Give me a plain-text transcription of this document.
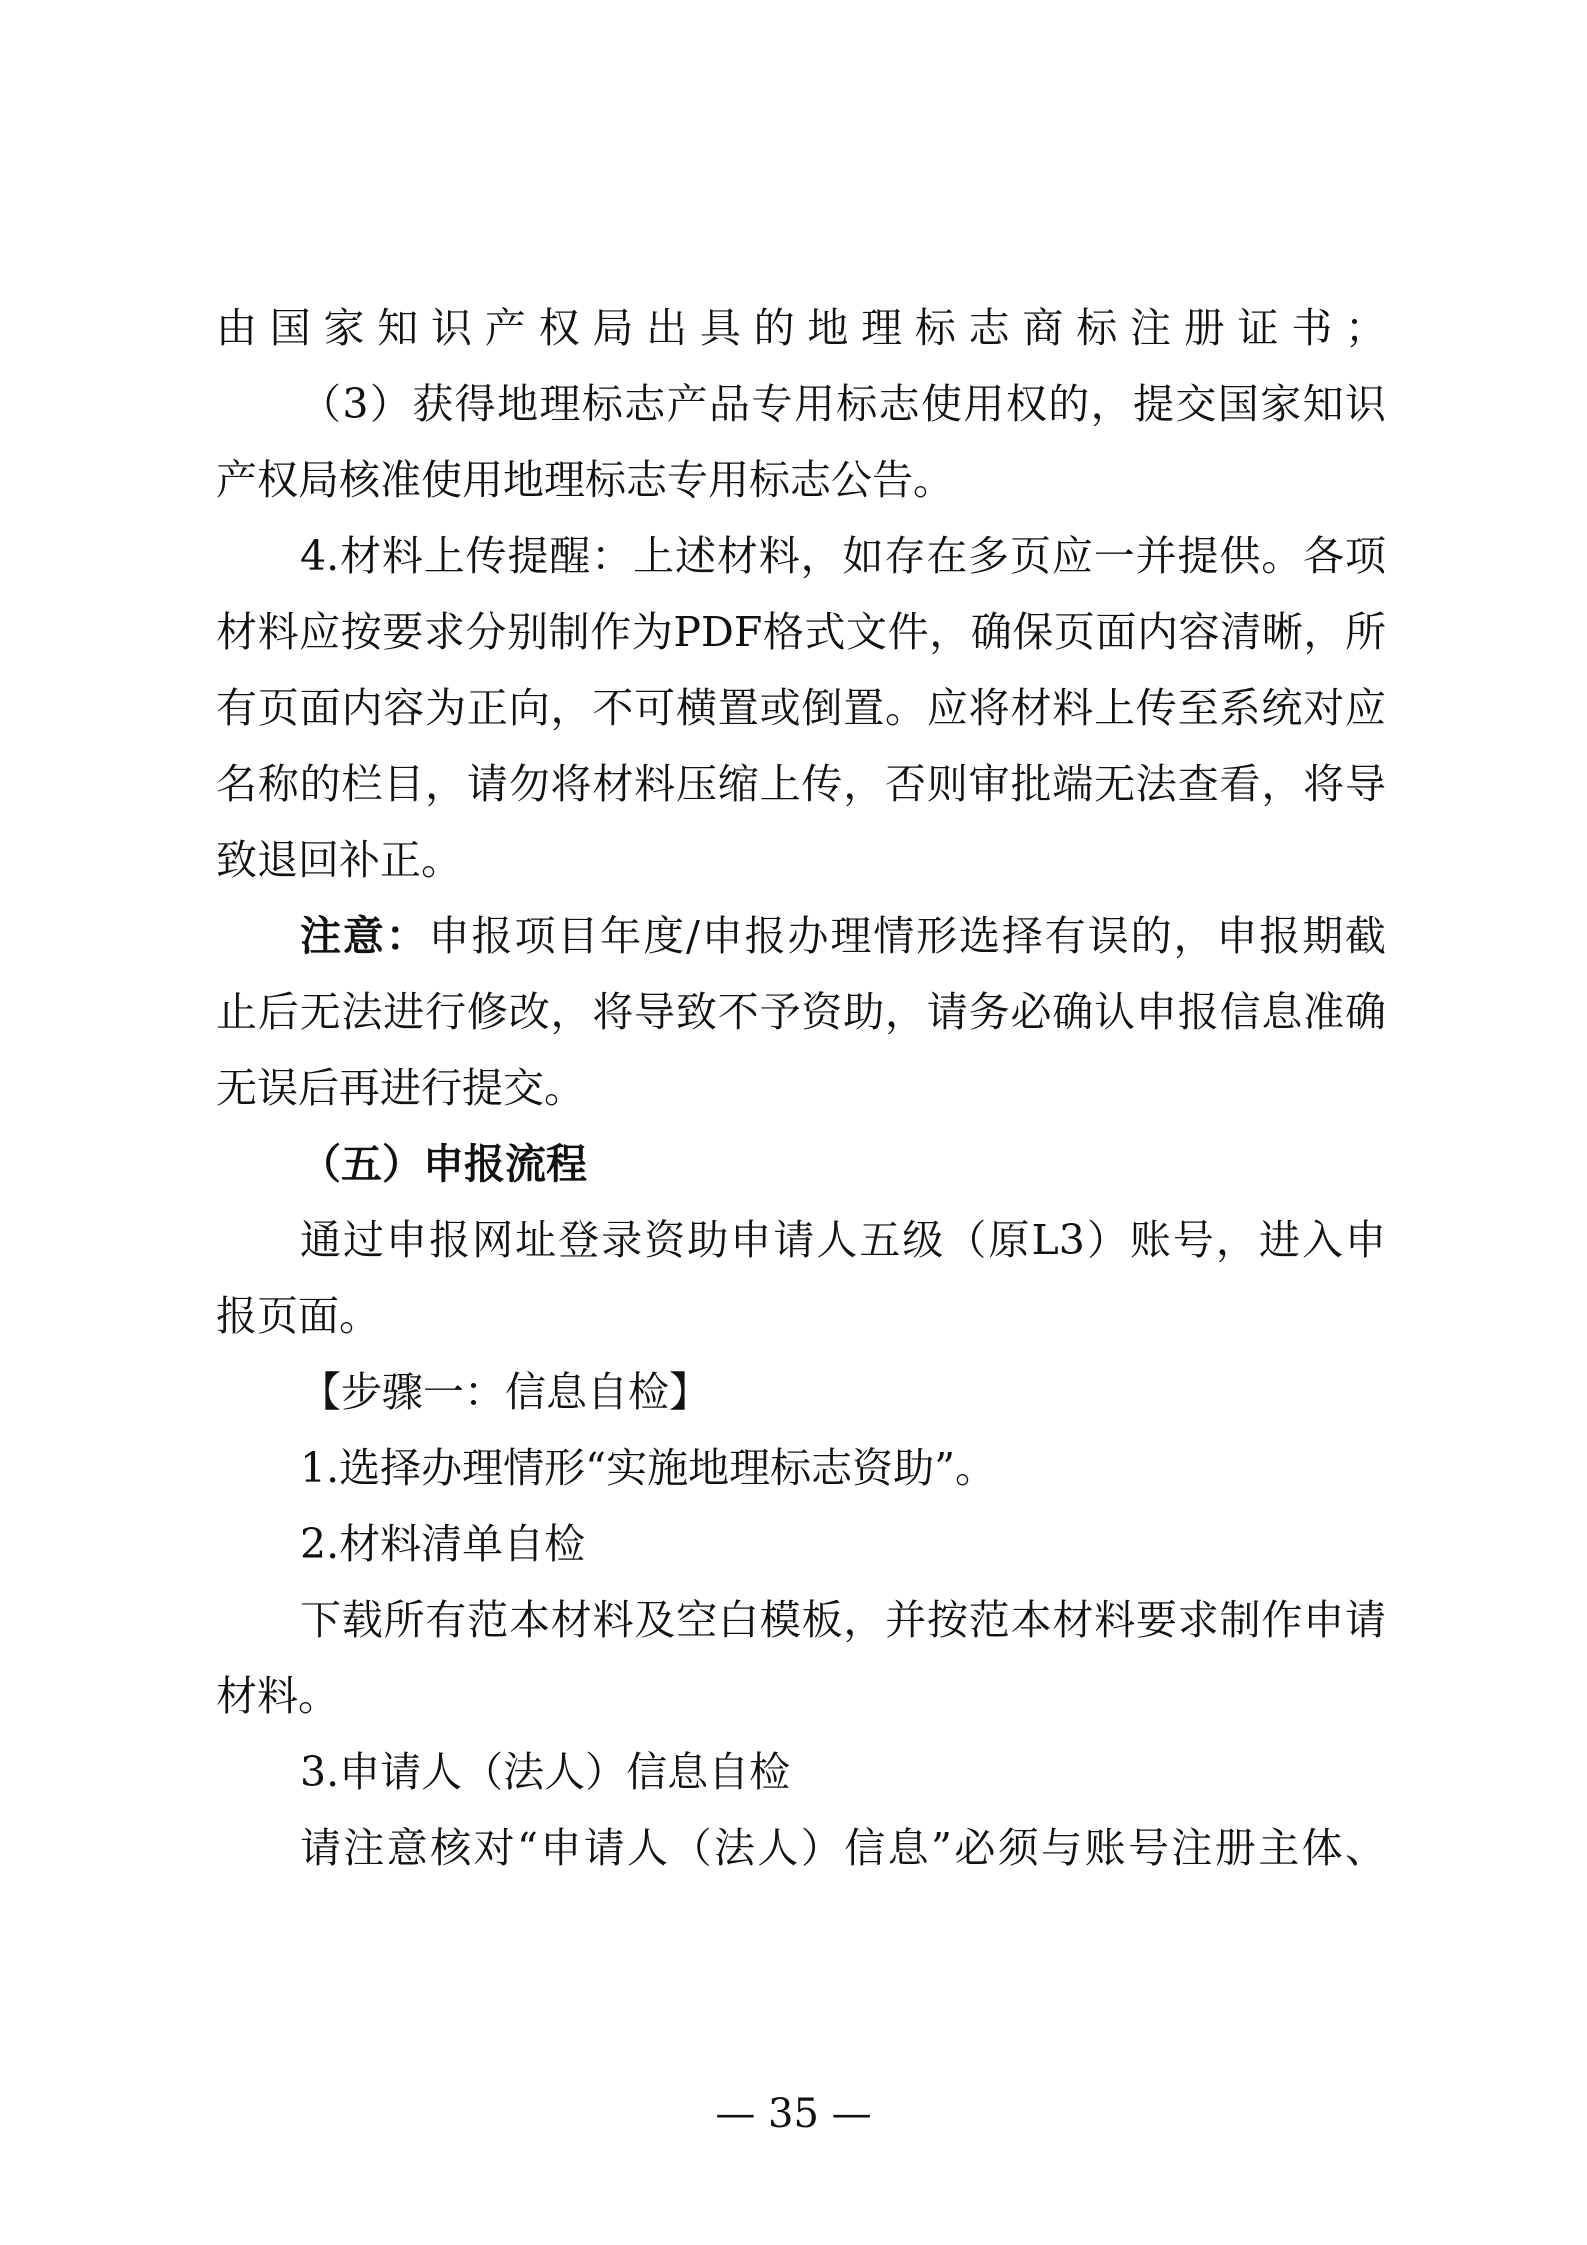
由国家知识产权局出具的地理标志商标注册证书；
（3）获得地理标志产品专用标志使用权的，提交国家知识
产权局核准使用地理标志专用标志公告。
4.材料上传提醒：上述材料，如存在多页应一并提供。各项
材料应按要求分别制作为PDF格式文件，确保页面内容清晰，所
有页面内容为正向，不可横置或倒置。应将材料上传至系统对应
名称的栏目，请勿将材料压缩上传，否则审批端无法查看，将导
致退回补正。
注意：申报项目年度/申报办理情形选择有误的，申报期截
止后无法进行修改，将导致不予资助，请务必确认申报信息准确
无误后再进行提交。
（五）申报流程
通过申报网址登录资助申请人五级（原L3）账号，进入申
报页面。
【步骤一：信息自检】
1.选择办理情形“实施地理标志资助”。
2.材料清单自检
下载所有范本材料及空白模板，并按范本材料要求制作申请
材料。
3.申请人（法人）信息自检
请注意核对“申请人（法人）信息”必须与账号注册主体、
— 35 —
